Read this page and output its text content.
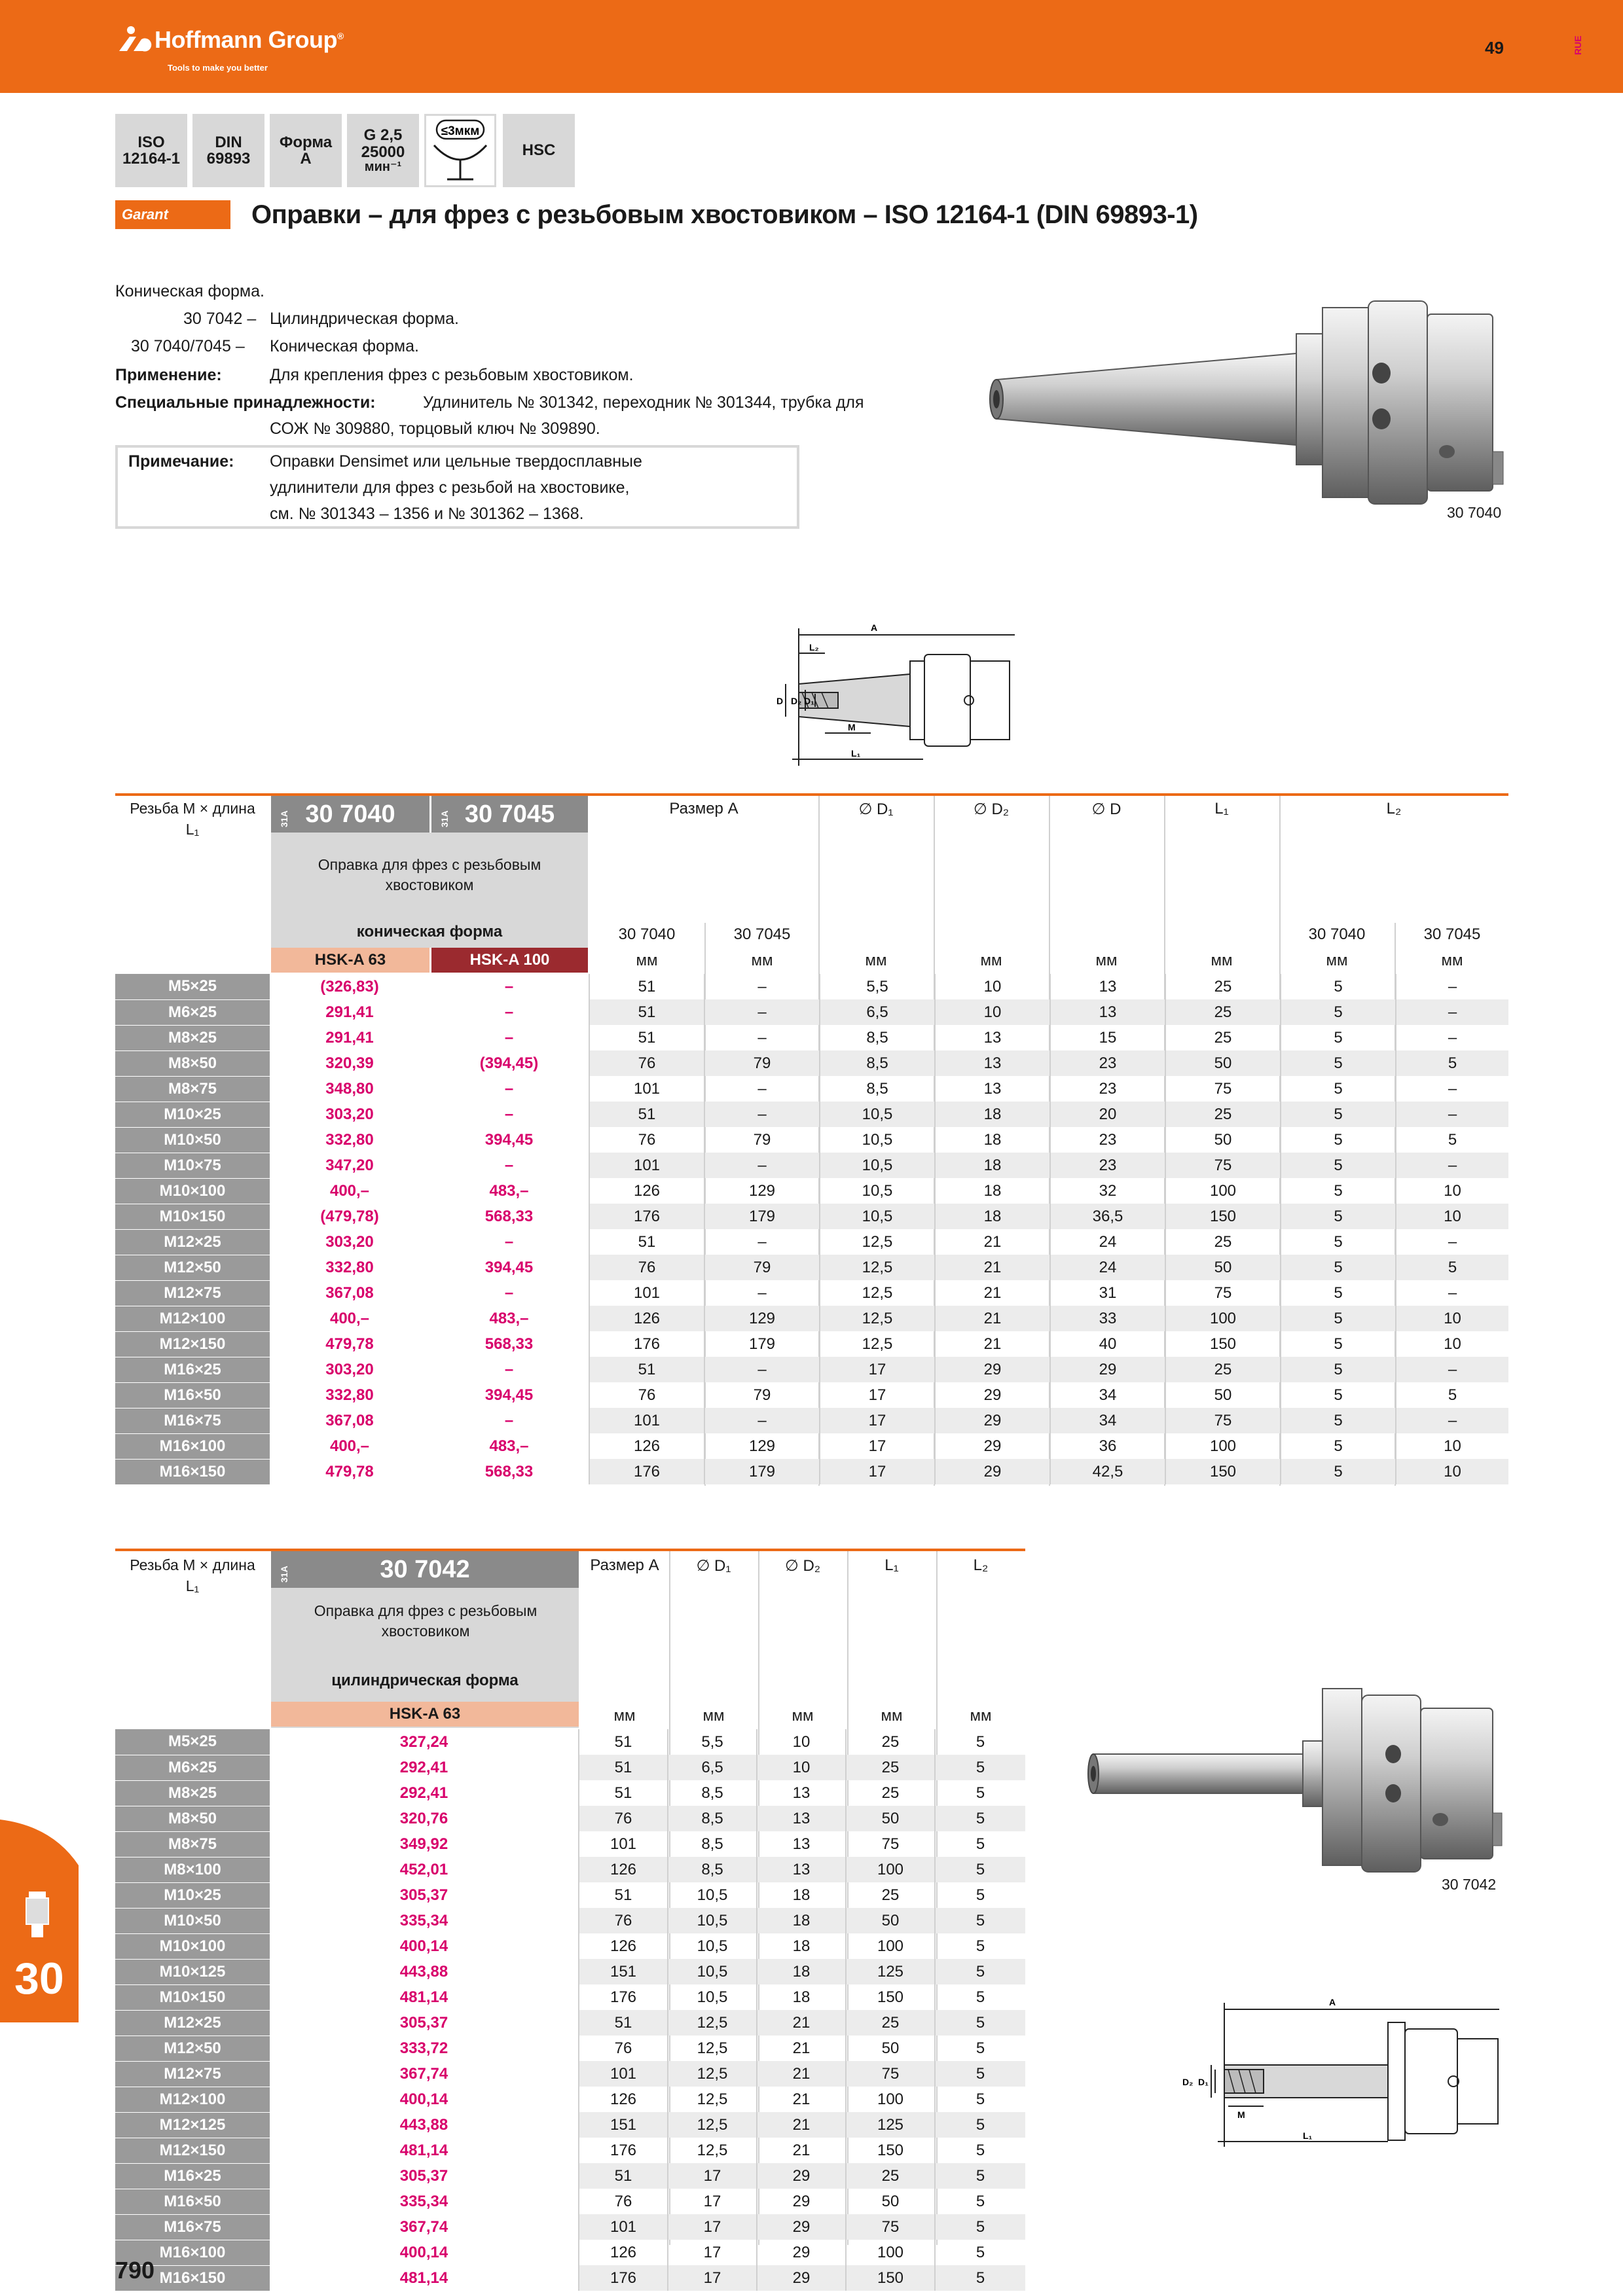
Hoffmann Group®
Tools to make you better
49	RUE
ISO
12164-1
DIN
69893
Форма
A
G 2,5
25000
мин⁻¹
≤3мкм
HSC
Garant	Оправки – для фрез с резьбовым хвостовиком – ISO 12164-1 (DIN 69893-1)
Коническая форма.
30 7042 – Цилиндрическая форма.
30 7040/7045 – Коническая форма.
Применение:	Для крепления фрез с резьбовым хвостовиком.
Специальные принадлежности:	Удлинитель № 301342, переходник № 301344, трубка для
СОЖ № 309880, торцовый ключ № 309890.
Примечание: Оправки Densimet или цельные твердосплавные
удлинители для фрез с резьбой на хвостовике,
см. № 301343 – 1356 и № 301362 – 1368.	30 7040
A
L₂
D D₂ D₁
M
L₁
Резьба M × длина
L₁
31A 30 7040	31A 30 7045
Оправка для фрез с резьбовым хвостовиком
коническая форма
HSK-A 63	HSK-A 100
Размер A	∅ D₁	∅ D₂	∅ D	L₁	L₂
30 7040	30 7045	30 7040	30 7045
мм	мм	мм	мм	мм	мм	мм	мм
M5×25	(326,83)	–	51	–	5,5	10	13	25	5	–
M6×25	291,41	–	51	–	6,5	10	13	25	5	–
M8×25	291,41	–	51	–	8,5	13	15	25	5	–
M8×50	320,39	(394,45)	76	79	8,5	13	23	50	5	5
M8×75	348,80	–	101	–	8,5	13	23	75	5	–
M10×25	303,20	–	51	–	10,5	18	20	25	5	–
M10×50	332,80	394,45	76	79	10,5	18	23	50	5	5
M10×75	347,20	–	101	–	10,5	18	23	75	5	–
M10×100	400,–	483,–	126	129	10,5	18	32	100	5	10
M10×150	(479,78)	568,33	176	179	10,5	18	36,5	150	5	10
M12×25	303,20	–	51	–	12,5	21	24	25	5	–
M12×50	332,80	394,45	76	79	12,5	21	24	50	5	5
M12×75	367,08	–	101	–	12,5	21	31	75	5	–
M12×100	400,–	483,–	126	129	12,5	21	33	100	5	10
M12×150	479,78	568,33	176	179	12,5	21	40	150	5	10
M16×25	303,20	–	51	–	17	29	29	25	5	–
M16×50	332,80	394,45	76	79	17	29	34	50	5	5
M16×75	367,08	–	101	–	17	29	34	75	5	–
M16×100	400,–	483,–	126	129	17	29	36	100	5	10
M16×150	479,78	568,33	176	179	17	29	42,5	150	5	10
Резьба M × длина
L₁
31A	30 7042
Оправка для фрез с резьбовым хвостовиком
цилиндрическая форма
HSK-A 63
Размер A	∅ D₁	∅ D₂	L₁	L₂
мм	мм	мм	мм	мм
M5×25	327,24	51	5,5	10	25	5
M6×25	292,41	51	6,5	10	25	5
M8×25	292,41	51	8,5	13	25	5
M8×50	320,76	76	8,5	13	50	5
M8×75	349,92	101	8,5	13	75	5
M8×100	452,01	126	8,5	13	100	5
M10×25	305,37	51	10,5	18	25	5
M10×50	335,34	76	10,5	18	50	5
M10×100	400,14	126	10,5	18	100	5
M10×125	443,88	151	10,5	18	125	5
M10×150	481,14	176	10,5	18	150	5
M12×25	305,37	51	12,5	21	25	5
M12×50	333,72	76	12,5	21	50	5
M12×75	367,74	101	12,5	21	75	5
M12×100	400,14	126	12,5	21	100	5
M12×125	443,88	151	12,5	21	125	5
M12×150	481,14	176	12,5	21	150	5
M16×25	305,37	51	17	29	25	5
M16×50	335,34	76	17	29	50	5
M16×75	367,74	101	17	29	75	5
M16×100	400,14	126	17	29	100	5
M16×150	481,14	176	17	29	150	5
30 7042
A
D₂ D₁
M
L₁
30
790
